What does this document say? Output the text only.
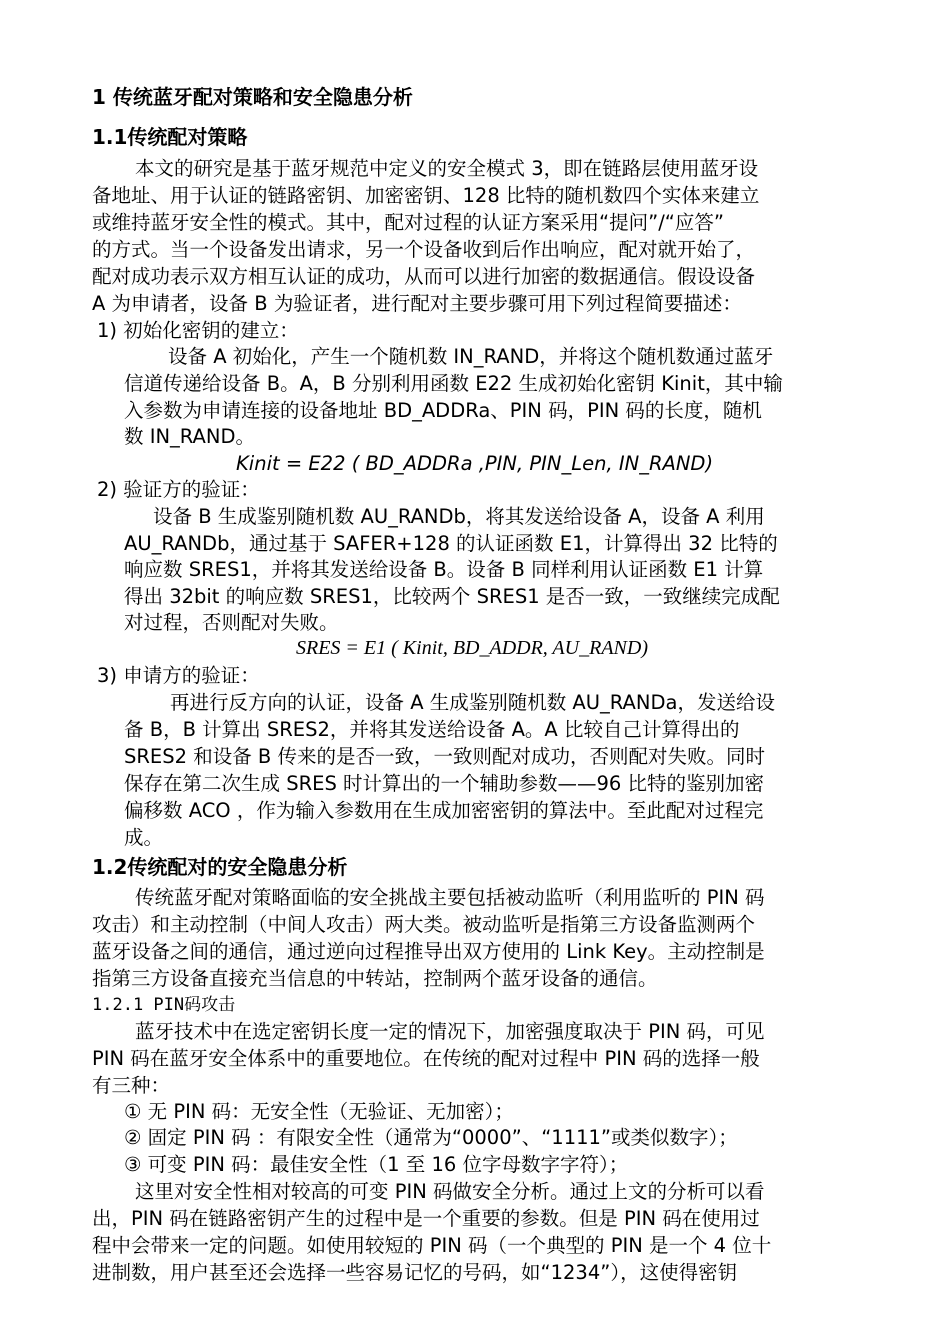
1 传统蓝牙配对策略和安全隐患分析
1.1传统配对策略
本文的研究是基于蓝牙规范中定义的安全模式 3，即在链路层使用蓝牙设
备地址、用于认证的链路密钥、加密密钥、128 比特的随机数四个实体来建立
或维持蓝牙安全性的模式。其中，配对过程的认证方案采用“提问”/“应答”
的方式。当一个设备发出请求，另一个设备收到后作出响应，配对就开始了，
配对成功表示双方相互认证的成功，从而可以进行加密的数据通信。假设设备
A 为申请者，设备 B 为验证者，进行配对主要步骤可用下列过程简要描述：
1) 初始化密钥的建立：
设备 A 初始化，产生一个随机数 IN_RAND，并将这个随机数通过蓝牙
信道传递给设备 B。A，B 分别利用函数 E22 生成初始化密钥 Kinit，其中输
入参数为申请连接的设备地址 BD_ADDRa、PIN 码，PIN 码的长度，随机
数 IN_RAND。
Kinit = E22 ( BD_ADDRa ,PIN, PIN_Len, IN_RAND)
2) 验证方的验证：
设备 B 生成鉴别随机数 AU_RANDb，将其发送给设备 A，设备 A 利用
AU_RANDb，通过基于 SAFER+128 的认证函数 E1，计算得出 32 比特的
响应数 SRES1，并将其发送给设备 B。设备 B 同样利用认证函数 E1 计算
得出 32bit 的响应数 SRES1，比较两个 SRES1 是否一致，一致继续完成配
对过程，否则配对失败。
SRES = E1 ( Kinit, BD_ADDR, AU_RAND)
3) 申请方的验证：
再进行反方向的认证，设备 A 生成鉴别随机数 AU_RANDa，发送给设
备 B，B 计算出 SRES2，并将其发送给设备 A。A 比较自己计算得出的
SRES2 和设备 B 传来的是否一致，一致则配对成功，否则配对失败。同时
保存在第二次生成 SRES 时计算出的一个辅助参数——96 比特的鉴别加密
偏移数 ACO ，作为输入参数用在生成加密密钥的算法中。至此配对过程完
成。
1.2传统配对的安全隐患分析
传统蓝牙配对策略面临的安全挑战主要包括被动监听（利用监听的 PIN 码
攻击）和主动控制（中间人攻击）两大类。被动监听是指第三方设备监测两个
蓝牙设备之间的通信，通过逆向过程推导出双方使用的 Link Key。主动控制是
指第三方设备直接充当信息的中转站，控制两个蓝牙设备的通信。
1.2.1 PIN码攻击
蓝牙技术中在选定密钥长度一定的情况下，加密强度取决于 PIN 码，可见
PIN 码在蓝牙安全体系中的重要地位。在传统的配对过程中 PIN 码的选择一般
有三种：
① 无 PIN 码：无安全性（无验证、无加密）；
② 固定 PIN 码 ：有限安全性（通常为“0000”、“1111”或类似数字）；
③ 可变 PIN 码：最佳安全性（1 至 16 位字母数字字符）；
这里对安全性相对较高的可变 PIN 码做安全分析。通过上文的分析可以看
出，PIN 码在链路密钥产生的过程中是一个重要的参数。但是 PIN 码在使用过
程中会带来一定的问题。如使用较短的 PIN 码（一个典型的 PIN 是一个 4 位十
进制数，用户甚至还会选择一些容易记忆的号码，如“1234”），这使得密钥
